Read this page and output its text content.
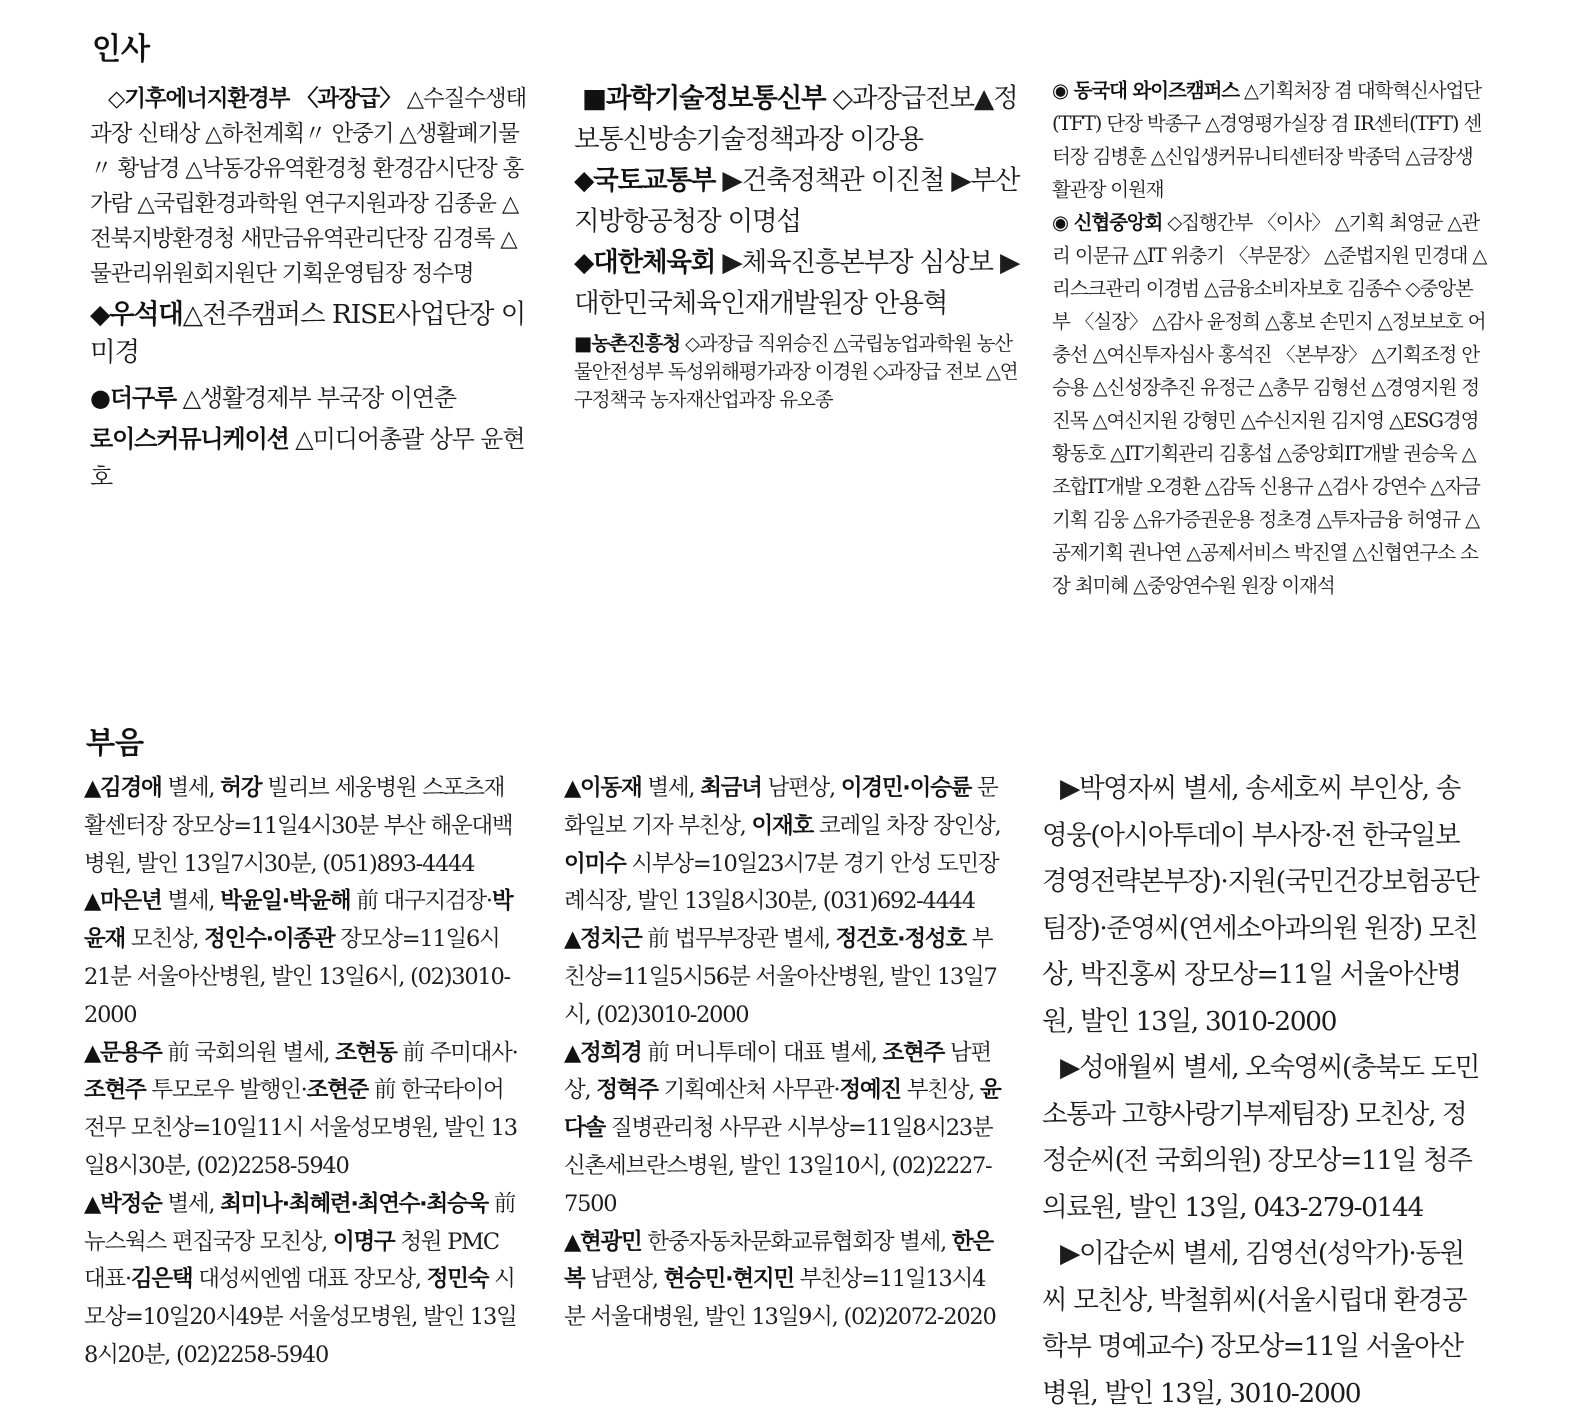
인사

◇기후에너지환경부 〈과장급〉 △수질수생태과장 신태상 △하천계획〃 안중기 △생활폐기물〃 황남경 △낙동강유역환경청 환경감시단장 홍가람 △국립환경과학원 연구지원과장 김종윤 △전북지방환경청 새만금유역관리단장 김경록 △물관리위원회지원단 기획운영팀장 정수명

◆우석대△전주캠퍼스 RISE사업단장 이미경

●더구루 △생활경제부 부국장 이연춘

로이스커뮤니케이션 △미디어총괄 상무 윤현호

■과학기술정보통신부 ◇과장급전보▲정보통신방송기술정책과장 이강용

◆국토교통부 ▶건축정책관 이진철 ▶부산지방항공청장 이명섭

◆대한체육회 ▶체육진흥본부장 심상보 ▶대한민국체육인재개발원장 안용혁

■농촌진흥청 ◇과장급 직위승진 △국립농업과학원 농산물안전성부 독성위해평가과장 이경원 ◇과장급 전보 △연구정책국 농자재산업과장 유오종

◉ 동국대 와이즈캠퍼스 △기획처장 겸 대학혁신사업단(TFT) 단장 박종구 △경영평가실장 겸 IR센터(TFT) 센터장 김병훈 △신입생커뮤니티센터장 박종덕 △금장생활관장 이원재

◉ 신협중앙회 ◇집행간부 〈이사〉 △기획 최영균 △관리 이문규 △IT 위충기 〈부문장〉 △준법지원 민경대 △리스크관리 이경범 △금융소비자보호 김종수 ◇중앙본부 〈실장〉 △감사 윤정희 △홍보 손민지 △정보보호 어충선 △여신투자심사 홍석진 〈본부장〉 △기획조정 안승용 △신성장추진 유정근 △총무 김형선 △경영지원 정진목 △여신지원 강형민 △수신지원 김지영 △ESG경영 황동호 △IT기획관리 김홍섭 △중앙회IT개발 권승욱 △조합IT개발 오경환 △감독 신용규 △검사 강연수 △자금기획 김웅 △유가증권운용 정초경 △투자금융 허영규 △공제기획 권나연 △공제서비스 박진열 △신협연구소 소장 최미혜 △중앙연수원 원장 이재석

부음

▲김경애 별세, 허강 빌리브 세웅병원 스포츠재활센터장 장모상=11일4시30분 부산 해운대백병원, 발인 13일7시30분, (051)893-4444

▲마은년 별세, 박윤일·박윤해 前 대구지검장·박윤재 모친상, 정인수·이종관 장모상=11일6시21분 서울아산병원, 발인 13일6시, (02)3010-2000

▲문용주 前 국회의원 별세, 조현동 前 주미대사·조현주 투모로우 발행인·조현준 前 한국타이어 전무 모친상=10일11시 서울성모병원, 발인 13일8시30분, (02)2258-5940

▲박정순 별세, 최미나·최혜련·최연수·최승욱 前 뉴스웍스 편집국장 모친상, 이명구 청원 PMC 대표·김은택 대성씨엔엠 대표 장모상, 정민숙 시모상=10일20시49분 서울성모병원, 발인 13일8시20분, (02)2258-5940

▲이동재 별세, 최금녀 남편상, 이경민·이승륜 문화일보 기자 부친상, 이재호 코레일 차장 장인상, 이미수 시부상=10일23시7분 경기 안성 도민장례식장, 발인 13일8시30분, (031)692-4444

▲정치근 前 법무부장관 별세, 정건호·정성호 부친상=11일5시56분 서울아산병원, 발인 13일7시, (02)3010-2000

▲정희경 前 머니투데이 대표 별세, 조현주 남편상, 정혁주 기획예산처 사무관·정예진 부친상, 윤다솔 질병관리청 사무관 시부상=11일8시23분 신촌세브란스병원, 발인 13일10시, (02)2227-7500

▲현광민 한중자동차문화교류협회장 별세, 한은복 남편상, 현승민·현지민 부친상=11일13시4분 서울대병원, 발인 13일9시, (02)2072-2020

▶박영자씨 별세, 송세호씨 부인상, 송영웅(아시아투데이 부사장·전 한국일보 경영전략본부장)·지원(국민건강보험공단 팀장)·준영씨(연세소아과의원 원장) 모친상, 박진홍씨 장모상=11일 서울아산병원, 발인 13일, 3010-2000

▶성애월씨 별세, 오숙영씨(충북도 도민소통과 고향사랑기부제팀장) 모친상, 정정순씨(전 국회의원) 장모상=11일 청주의료원, 발인 13일, 043-279-0144

▶이갑순씨 별세, 김영선(성악가)·동원씨 모친상, 박철휘씨(서울시립대 환경공학부 명예교수) 장모상=11일 서울아산병원, 발인 13일, 3010-2000
